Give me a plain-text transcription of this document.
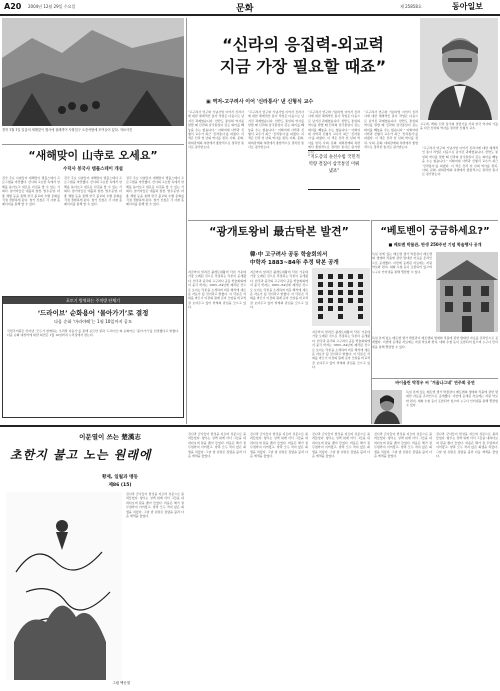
A20 2004년 12월 29일 수요일	문화	제 25858호	동아일보
경북 1월 1일 일출의 새해맞이 행사에 참례객이 사찰입구 오층석탑에 모여들어 있다. 자료사진
“신라의 응집력-외교력
지금 가장 필요할 때죠”
▣ 역저-고구려사 이어 '신라통사' 낸 신형식 교수
고구려, 백제, 신라 삼국의 정립기를 거쳐 한국 역사의 기틀을 다진 신라의 역사를 정리한 신형식 교수.
“고구려사 연구와 기념사업 이어서 신라사에 대한 체계적인 통사 작업은 다음으로 남겨진 과제였습니다. 한반도 통일의 역사를 말할 때 신라의 삼국통일이 갖는 의미를 빼놓을 수는 없습니다.” 이화여대 사학과 신형식 교수가 최근 ‘신라통사’를 펴냈다. 이 책은 신라 천 년의 역사를 정치, 사회, 문화, 대외관계의 측면에서 종합적으로 정리한 통사로 평가받는다.
“고구려사 연구와 기념사업 이어서 신라사에 대한 체계적인 통사 작업은 다음으로 남겨진 과제였습니다. 한반도 통일의 역사를 말할 때 신라의 삼국통일이 갖는 의미를 빼놓을 수는 없습니다.” 이화여대 사학과 신형식 교수가 최근 ‘신라통사’를 펴냈다. 이 책은 신라 천 년의 역사를 정치, 사회, 문화, 대외관계의 측면에서 종합적으로 정리한 통사로 평가받는다.
“고구려사 연구와 기념사업 이어서 신라사에 대한 체계적인 통사 작업은 다음으로 남겨진 과제였습니다. 한반도 통일의 역사를 말할 때 신라의 삼국통일이 갖는 의미를 빼놓을 수는 없습니다.” 이화여대 사학과 신형식 교수가 최근 ‘신라통사’를 펴냈다. 이 책은 신라 천 년의 역사를 정치, 사회, 문화, 대외관계의 측면에서 종합적으로 정리한 통사로 평가받는다.
“지도층의 솔선수범 국민적 역량 결집이 삼국통일 이뤄냈죠”
“고구려사 연구와 기념사업 이어서 신라사에 대한 체계적인 통사 작업은 다음으로 남겨진 과제였습니다. 한반도 통일의 역사를 말할 때 신라의 삼국통일이 갖는 의미를 빼놓을 수는 없습니다.” 이화여대 사학과 신형식 교수가 최근 ‘신라통사’를 펴냈다. 이 책은 신라 천 년의 역사를 정치, 사회, 문화, 대외관계의 측면에서 종합적으로 정리한 통사로 평가받는다.	“고구려사 연구와 기념사업 이어서 신라사에 대한 체계적인 통사 작업은 다음으로 남겨진 과제였습니다. 한반도 통일의 역사를 말할 때 신라의 삼국통일이 갖는 의미를 빼놓을 수는 없습니다.” 이화여대 사학과 신형식 교수가 최근 ‘신라통사’를 펴냈다. 이 책은 신라 천 년의 역사를 정치, 사회, 문화, 대외관계의 측면에서 종합적으로 정리한 통사로 평가받는다.
“새해맞이 山寺로 오세요”
수덕사 봉국사 템플스테이 개설
전국 주요 사찰들이 새해맞이 템플스테이 프로그램을 마련했다. 산사의 고요함 속에서 한 해를 돌아보고 새로운 다짐을 할 수 있는 기회다. 참가자들은 예불과 참선, 발우공양, 타종 체험 등을 통해 한국 불교의 수행 문화를 직접 경험하게 된다. 참가 신청은 각 사찰 홈페이지를 통해 할 수 있다.
전국 주요 사찰들이 새해맞이 템플스테이 프로그램을 마련했다. 산사의 고요함 속에서 한 해를 돌아보고 새로운 다짐을 할 수 있는 기회다. 참가자들은 예불과 참선, 발우공양, 타종 체험 등을 통해 한국 불교의 수행 문화를 직접 경험하게 된다. 참가 신청은 각 사찰 홈페이지를 통해 할 수 있다.
전국 주요 사찰들이 새해맞이 템플스테이 프로그램을 마련했다. 산사의 고요함 속에서 한 해를 돌아보고 새로운 다짐을 할 수 있는 기회다. 참가자들은 예불과 참선, 발우공양, 타종 체험 등을 통해 한국 불교의 수행 문화를 직접 경험하게 된다. 참가 신청은 각 사찰 홈페이지를 통해 할 수 있다.
포토기 방역하는 주치방 단체기
‘드라이브’ 순화용어 ‘몰아가기’로 결정
다음 순화 ‘마라야레’는 1월 10일까지 공모
국립국어원은 인터넷 ‘모두가 함께하는 우리말 다듬기’를 통해 공모한 결과 ‘드라이브’의 순화어로 ‘몰아가기’를 선정했다고 밝혔다. 다음 순화 대상어에 대한 의견은 1월 10일까지 누리집에서 받는다.
“광개토왕비 最古탁본 발견”
韓·中 고구려사 공동 학술회의서
中학자 1883~84年 추정 탁본 공개
지금까지 알려진 광개토대왕비 탁본 가운데 가장 오래된 것으로 추정되는 탁본이 공개됐다. 한국과 중국의 고구려사 공동 학술회의에서 중국 학자는 1883~84년에 제작된 것으로 보이는 탁본을 소개하며 비문 해석에 새로운 자료가 될 것이라고 밝혔다. 이 탁본은 석회를 바르기 이전의 원래 글자 모양을 비교적 잘 보여주고 있어 학계의 관심을 모으고 있다.
지금까지 알려진 광개토대왕비 탁본 가운데 가장 오래된 것으로 추정되는 탁본이 공개됐다. 한국과 중국의 고구려사 공동 학술회의에서 중국 학자는 1883~84년에 제작된 것으로 보이는 탁본을 소개하며 비문 해석에 새로운 자료가 될 것이라고 밝혔다. 이 탁본은 석회를 바르기 이전의 원래 글자 모양을 비교적 잘 보여주고 있어 학계의 관심을 모으고 있다.
지금까지 알려진 광개토대왕비 탁본 가운데 가장 오래된 것으로 추정되는 탁본이 공개됐다. 한국과 중국의 고구려사 공동 학술회의에서 중국 학자는 1883~84년에 제작된 것으로 보이는 탁본을 소개하며 비문 해석에 새로운 자료가 될 것이라고 밝혔다. 이 탁본은 석회를 바르기 이전의 원래 글자 모양을 비교적 잘 보여주고 있어 학계의 관심을 모으고 있다.
“베토벤이 궁금하세요?”
■ 베토벤 박물관, 탄생 250주년 기념 학술행사 공개
독일 본에 있는 베토벤 생가 박물관이 베토벤의 생애와 작품에 관한 방대한 자료를 온라인으로 공개했다. 이번에 공개된 자료에는 자필 악보와 편지, 대화 수첩 등이 포함되어 있으며 누구나 인터넷을 통해 열람할 수 있다.
독일 본에 있는 베토벤 생가 박물관이 베토벤의 생애와 작품에 관한 방대한 자료를 온라인으로 공개했다. 이번에 공개된 자료에는 자필 악보와 편지, 대화 수첩 등이 포함되어 있으며 누구나 인터넷을 통해 열람할 수 있다.
바이올린 박경우 씨 ‘겨울나그네’ 연주회 공연
독일 본에 있는 베토벤 생가 박물관이 베토벤의 생애와 작품에 관한 방대한 자료를 온라인으로 공개했다. 이번에 공개된 자료에는 자필 악보와 편지, 대화 수첩 등이 포함되어 있으며 누구나 인터넷을 통해 열람할 수 있다.
이문열이 쓰는 楚漢志
초한지 불고 노는 원래에
황제, 일월과 맹동
제86 (15)
그림 백승철
진나라 군사들이 함성을 지르며 성문으로 몰려들었다. 항우는 성벽 위에 서서 그들을 내려다보며 칼을 뽑아 들었다. 싸움은 해가 질 무렵까지 이어졌고, 양쪽 모두 적지 않은 희생을 치렀다. 그날 밤 유방은 장량을 불러 다음 계책을 물었다.
진나라 군사들이 함성을 지르며 성문으로 몰려들었다. 항우는 성벽 위에 서서 그들을 내려다보며 칼을 뽑아 들었다. 싸움은 해가 질 무렵까지 이어졌고, 양쪽 모두 적지 않은 희생을 치렀다. 그날 밤 유방은 장량을 불러 다음 계책을 물었다.
진나라 군사들이 함성을 지르며 성문으로 몰려들었다. 항우는 성벽 위에 서서 그들을 내려다보며 칼을 뽑아 들었다. 싸움은 해가 질 무렵까지 이어졌고, 양쪽 모두 적지 않은 희생을 치렀다. 그날 밤 유방은 장량을 불러 다음 계책을 물었다.
진나라 군사들이 함성을 지르며 성문으로 몰려들었다. 항우는 성벽 위에 서서 그들을 내려다보며 칼을 뽑아 들었다. 싸움은 해가 질 무렵까지 이어졌고, 양쪽 모두 적지 않은 희생을 치렀다. 그날 밤 유방은 장량을 불러 다음 계책을 물었다.
진나라 군사들이 함성을 지르며 성문으로 몰려들었다. 항우는 성벽 위에 서서 그들을 내려다보며 칼을 뽑아 들었다. 싸움은 해가 질 무렵까지 이어졌고, 양쪽 모두 적지 않은 희생을 치렀다. 그날 밤 유방은 장량을 불러 다음 계책을 물었다.
진나라 군사들이 함성을 지르며 성문으로 몰려들었다. 항우는 성벽 위에 서서 그들을 내려다보며 칼을 뽑아 들었다. 싸움은 해가 질 무렵까지 이어졌고, 양쪽 모두 적지 않은 희생을 치렀다. 그날 밤 유방은 장량을 불러 다음 계책을 물었다.
